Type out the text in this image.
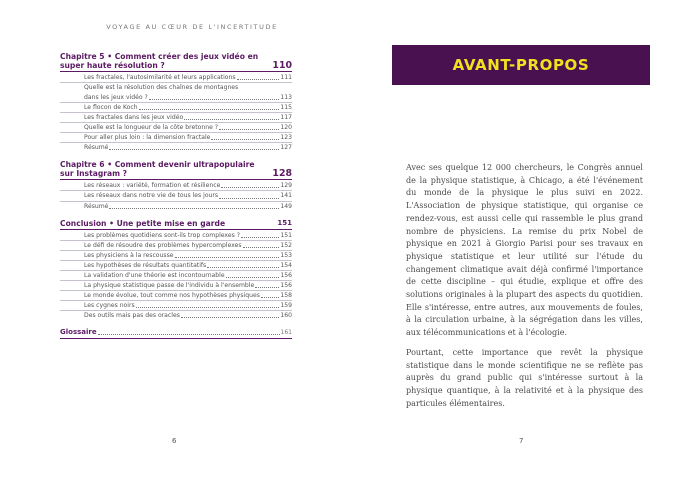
VOYAGE AU CŒUR DE L'INCERTITUDE
Chapitre 5 • Comment créer des jeux vidéo en super haute résolution ?	110
Les fractales, l'autosimilarité et leurs applications	111
Quelle est la résolution des chaînes de montagnes
dans les jeux vidéo ?	113
Le flocon de Koch	115
Les fractales dans les jeux vidéo	117
Quelle est la longueur de la côte bretonne ?	120
Pour aller plus loin : la dimension fractale	123
Résumé	127
Chapitre 6 • Comment devenir ultrapopulaire sur Instagram ?	128
Les réseaux : variété, formation et résilience	129
Les réseaux dans notre vie de tous les jours	141
Résumé	149
Conclusion • Une petite mise en garde	151
Les problèmes quotidiens sont-ils trop complexes ?	151
Le défi de résoudre des problèmes hypercomplexes	152
Les physiciens à la rescousse	153
Les hypothèses de résultats quantitatifs	154
La validation d'une théorie est incontournable	156
La physique statistique passe de l'individu à l'ensemble	156
Le monde évolue, tout comme nos hypothèses physiques	158
Les cygnes noirs	159
Des outils mais pas des oracles	160
Glossaire	161
6
AVANT-PROPOS

Avec ses quelque 12 000 chercheurs, le Congrès annuel de la physique statistique, à Chicago, a été l'événement du monde de la physique le plus suivi en 2022. L'Association de physique statistique, qui organise ce rendez-vous, est aussi celle qui rassemble le plus grand nombre de physiciens. La remise du prix Nobel de physique en 2021 à Giorgio Parisi pour ses travaux en physique statistique et leur utilité sur l'étude du changement climatique avait déjà confirmé l'importance de cette discipline – qui étudie, explique et offre des solutions originales à la plupart des aspects du quotidien. Elle s'intéresse, entre autres, aux mouvements de foules, à la circulation urbaine, à la ségrégation dans les villes, aux télécommunications et à l'écologie.

Pourtant, cette importance que revêt la physique statistique dans le monde scientifique ne se reflète pas auprès du grand public qui s'intéresse surtout à la physique quantique, à la relativité et à la physique des particules élémentaires.

7
